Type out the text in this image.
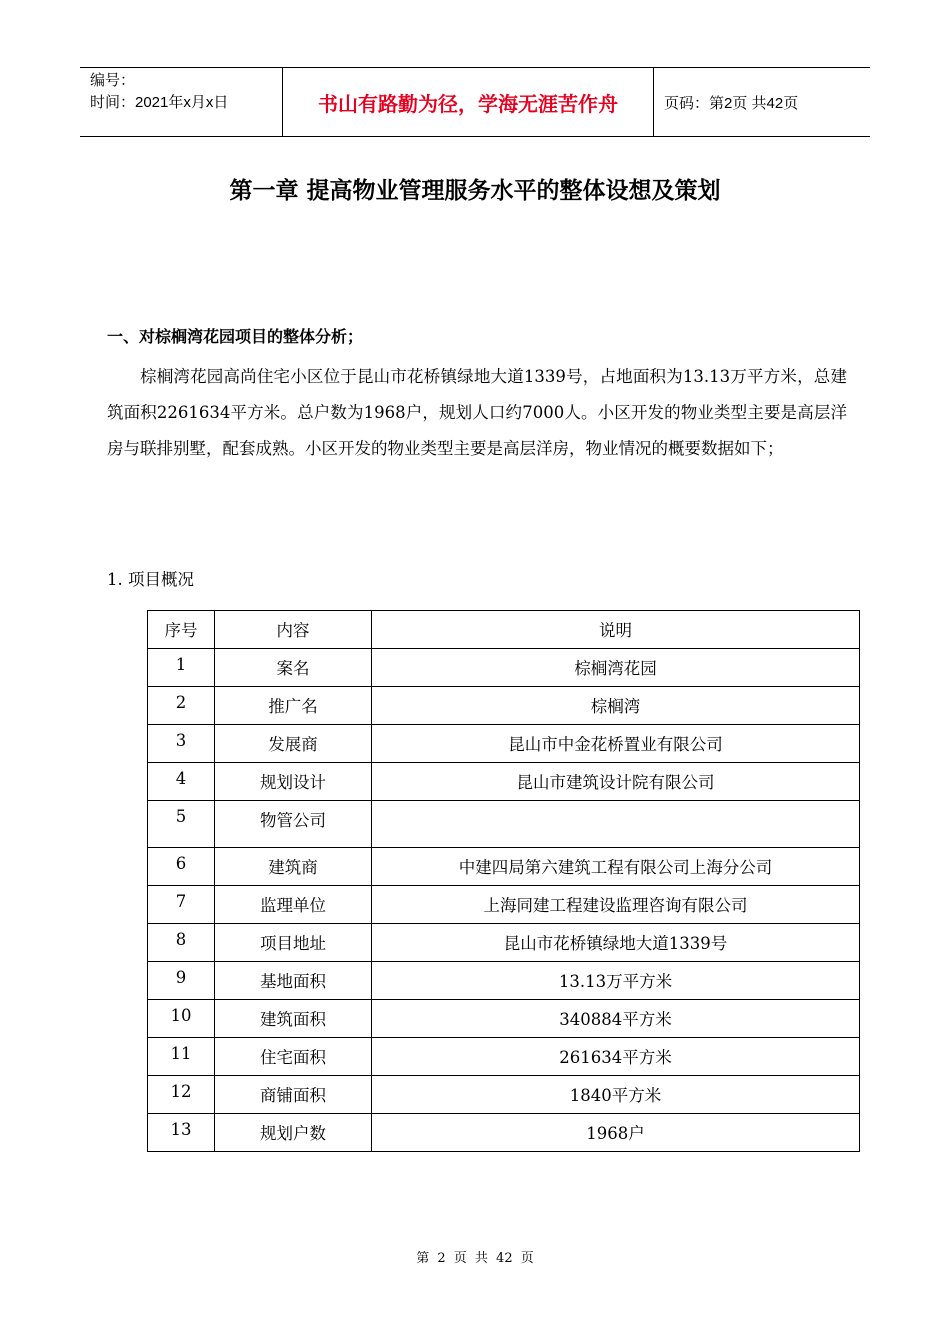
编号：
时间：2021年x月x日	书山有路勤为径，学海无涯苦作舟	页码：第2页 共42页
第一章 提高物业管理服务水平的整体设想及策划
一、对棕榈湾花园项目的整体分析；

棕榈湾花园高尚住宅小区位于昆山市花桥镇绿地大道1339号，占地面积为13.13万平方米，总建筑面积2261634平方米。总户数为1968户，规划人口约7000人。小区开发的物业类型主要是高层洋房与联排别墅，配套成熟。小区开发的物业类型主要是高层洋房，物业情况的概要数据如下；

1. 项目概况

序号	内容	说明
1	案名	棕榈湾花园
2	推广名	棕榈湾
3	发展商	昆山市中金花桥置业有限公司
4	规划设计	昆山市建筑设计院有限公司
5	物管公司	
6	建筑商	中建四局第六建筑工程有限公司上海分公司
7	监理单位	上海同建工程建设监理咨询有限公司
8	项目地址	昆山市花桥镇绿地大道1339号
9	基地面积	13.13万平方米
10	建筑面积	340884平方米
11	住宅面积	261634平方米
12	商铺面积	1840平方米
13	规划户数	1968户

第 2 页 共 42 页
